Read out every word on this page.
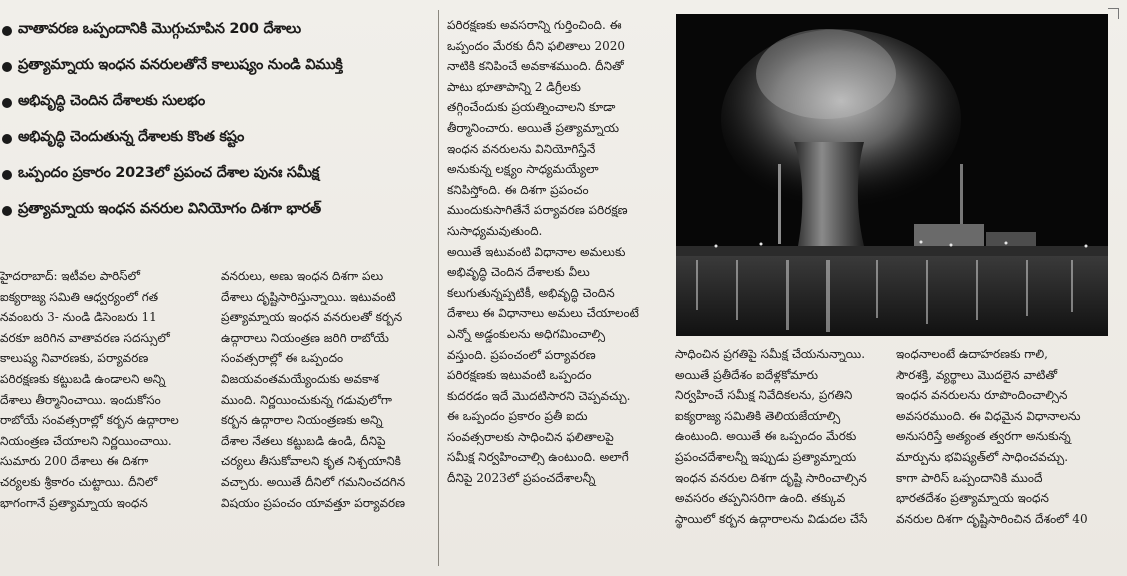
వాతావరణ ఒప్పందానికి మొగ్గుచూపిన 200 దేశాలు
ప్రత్యామ్నాయ ఇంధన వనరులతోనే కాలుష్యం నుండి విముక్తి
అభివృద్ధి చెందిన దేశాలకు సులభం
అభివృద్ధి చెందుతున్న దేశాలకు కొంత కష్టం
ఒప్పందం ప్రకారం 2023లో ప్రపంచ దేశాల పునః సమీక్ష
ప్రత్యామ్నాయ ఇంధన వనరుల వినియోగం దిశగా భారత్

హైదరాబాద్: ఇటీవల పారిస్‌లో

ఐక్యరాజ్య సమితి ఆధ్వర్యంలో గత

నవంబరు 3- నుండి డిసెంబరు 11

వరకూ జరిగిన వాతావరణ సదస్సులో

కాలుష్య నివారణకు, పర్యావరణ

పరిరక్షణకు కట్టుబడి ఉండాలని అన్ని

దేశాలు తీర్మానించాయి. ఇందుకోసం

రాబోయే సంవత్సరాల్లో కర్బన ఉద్గారాల

నియంత్రణ చేయాలని నిర్ణయించాయి.

సుమారు 200 దేశాలు ఈ దిశగా

చర్యలకు శ్రీకారం చుట్టాయి. దీనిలో

భాగంగానే ప్రత్యామ్నాయ ఇంధన

వనరులు, అణు ఇంధన దిశగా పలు

దేశాలు దృష్టిసారిస్తున్నాయి. ఇటువంటి

ప్రత్యామ్నాయ ఇంధన వనరులతో కర్బన

ఉద్గారాలు నియంత్రణ జరిగి రాబోయే

సంవత్సరాల్లో ఈ ఒప్పందం

విజయవంతమయ్యేందుకు అవకాశ

ముంది. నిర్ణయించుకున్న గడువులోగా

కర్బన ఉద్గారాల నియంత్రణకు అన్ని

దేశాల నేతలు కట్టుబడి ఉండి, దీనిపై

చర్యలు తీసుకోవాలని కృత నిశ్చయానికి

వచ్చారు. అయితే దీనిలో గమనించదగిన

విషయం ప్రపంచం యావత్తూ పర్యావరణ

పరిరక్షణకు అవసరాన్ని గుర్తించింది. ఈ

ఒప్పందం మేరకు దీని ఫలితాలు 2020

నాటికి కనిపించే అవకాశముంది. దీనితో

పాటు భూతాపాన్ని 2 డిగ్రీలకు

తగ్గించేందుకు ప్రయత్నించాలని కూడా

తీర్మానించారు. అయితే ప్రత్యామ్నాయ

ఇంధన వనరులను వినియోగిస్తేనే

అనుకున్న లక్ష్యం సాధ్యమయ్యేలా

కనిపిస్తోంది. ఈ దిశగా ప్రపంచం

ముందుకుసాగితేనే పర్యావరణ పరిరక్షణ

సుసాధ్యమవుతుంది.

అయితే ఇటువంటి విధానాల అమలుకు

అభివృద్ధి చెందిన దేశాలకు వీలు

కలుగుతున్నప్పటికీ, అభివృద్ధి చెందిన

దేశాలు ఈ విధానాలు అమలు చేయాలంటే

ఎన్నో అడ్డంకులను అధిగమించాల్సి

వస్తుంది. ప్రపంచంలో పర్యావరణ

పరిరక్షణకు ఇటువంటి ఒప్పందం

కుదరడం ఇదే మొదటిసారని చెప్పవచ్చు.

ఈ ఒప్పందం ప్రకారం ప్రతీ ఐదు

సంవత్సరాలకు సాధించిన ఫలితాలపై

సమీక్ష నిర్వహించాల్సి ఉంటుంది. అలాగే

దీనిపై 2023లో ప్రపంచదేశాలన్నీ

సాధించిన ప్రగతిపై సమీక్ష చేయనున్నాయి.

అయితే ప్రతీదేశం ఐదేళ్లకోమారు

నిర్వహించే సమీక్ష నివేదికలను, ప్రగతిని

ఐక్యరాజ్య సమితికి తెలియజేయాల్సి

ఉంటుంది. అయితే ఈ ఒప్పందం మేరకు

ప్రపంచదేశాలన్నీ ఇప్పుడు ప్రత్యామ్నాయ

ఇంధన వనరుల దిశగా దృష్టి సారించాల్సిన

అవసరం తప్పనిసరిగా ఉంది. తక్కువ

స్థాయిలో కర్బన ఉద్గారాలను విడుదల చేసే

ఇంధనాలంటే ఉదాహరణకు గాలి,

సౌరశక్తి, వ్యర్థాలు మొదలైన వాటితో

ఇంధన వనరులను రూపొందించాల్సిన

అవసరముంది. ఈ విధమైన విధానాలను

అనుసరిస్తే అత్యంత త్వరగా అనుకున్న

మార్పును భవిష్యత్‌లో సాధించవచ్చు.

కాగా పారిస్ ఒప్పందానికి ముందే

భారతదేశం ప్రత్యామ్నాయ ఇంధన

వనరుల దిశగా దృష్టిసారించిన దేశంలో 40
